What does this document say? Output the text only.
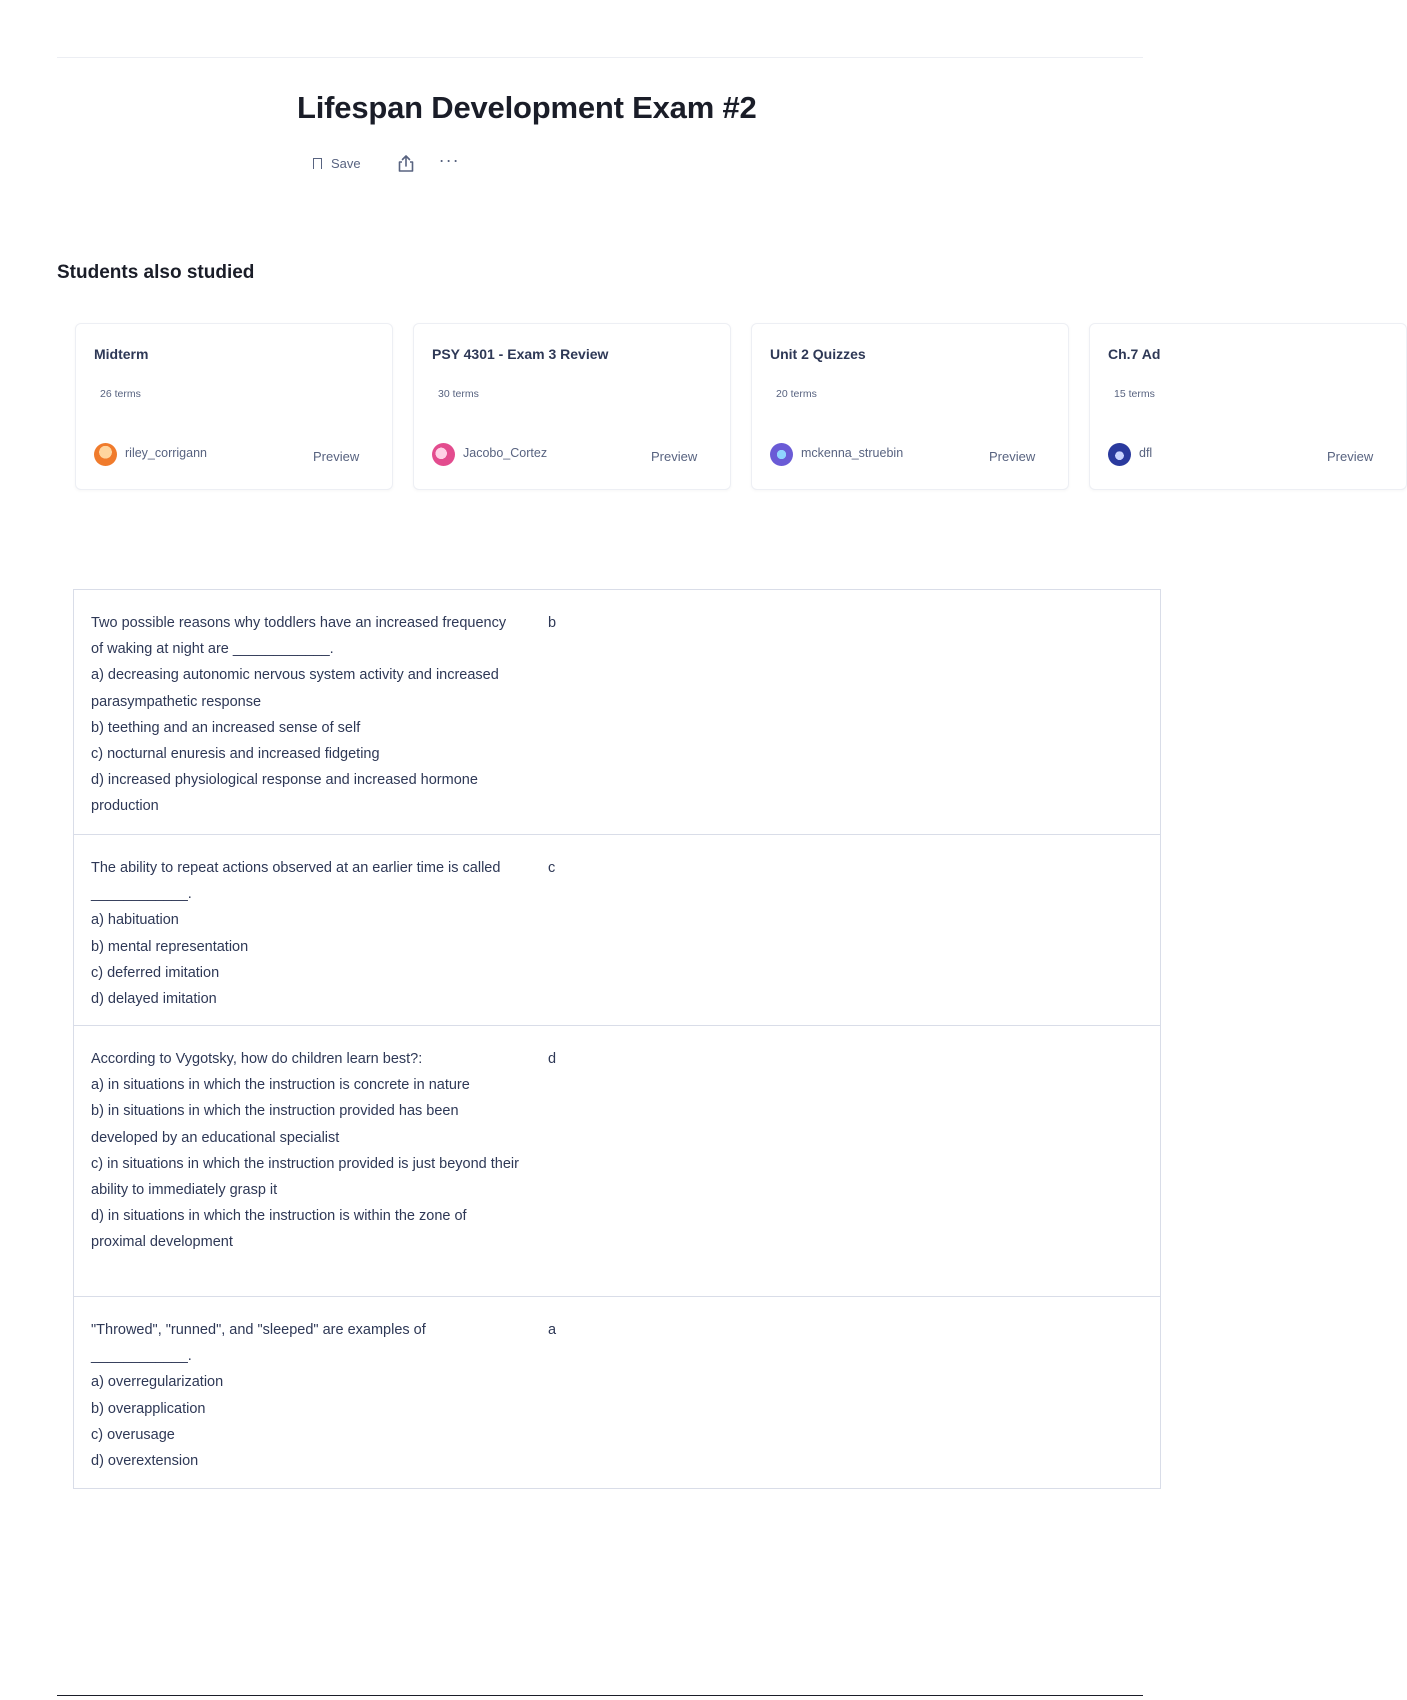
Lifespan Development Exam #2
Save	···
Students also studied
Midterm
26 terms
riley_corrigann	Preview
PSY 4301 - Exam 3 Review
30 terms
Jacobo_Cortez	Preview
Unit 2 Quizzes
20 terms
mckenna_struebin	Preview
Ch.7 Ad
15 terms
dfl	Preview
Two possible reasons why toddlers have an increased frequency of waking at night are ____________.
a) decreasing autonomic nervous system activity and increased parasympathetic response
b) teething and an increased sense of self
c) nocturnal enuresis and increased fidgeting
d) increased physiological response and increased hormone production
b
The ability to repeat actions observed at an earlier time is called ____________.
a) habituation
b) mental representation
c) deferred imitation
d) delayed imitation
c
According to Vygotsky, how do children learn best?:
a) in situations in which the instruction is concrete in nature
b) in situations in which the instruction provided has been developed by an educational specialist
c) in situations in which the instruction provided is just beyond their ability to immediately grasp it
d) in situations in which the instruction is within the zone of proximal development
d
"Throwed", "runned", and "sleeped" are examples of ____________.
a) overregularization
b) overapplication
c) overusage
d) overextension
a
